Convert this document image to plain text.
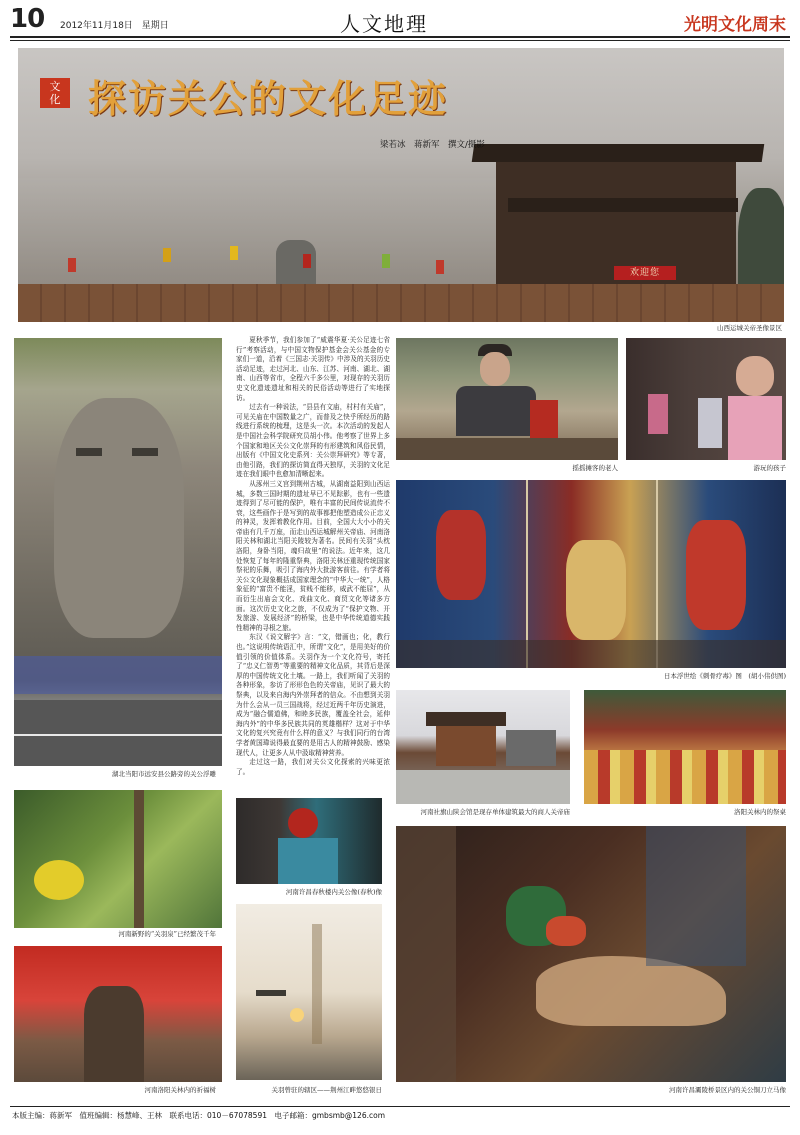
10 2012年11月18日　星期日	人文地理	光明文化周末
欢迎您
文
化 探访关公的文化足迹
梁若冰　蒋新军　撰文/摄影
山西运城关帝圣像景区
湖北当阳市远安县公路旁的关公浮雕
河南新野的“关羽泉”已经繁茂千年
河南洛阳关林内的祈福树

夏秋季节，我们参加了“威震华夏·关公足迹七省行”考察活动，与中国文物保护基金会关公基金的专家们一道，沿着《三国志·关羽传》中涉及的关羽历史活动足迹，走过河北、山东、江苏、河南、湖北、湖南、山西等省市，全程六千多公里，对现存的关羽历史文化遗迹遗址和相关的民俗活动等进行了实地探访。

过去有一种说法，“县县有文庙，村村有关庙”，可见关庙在中国数量之广，而普及之快乎所经历的路线进行系统的梳理，这是头一次。本次活动的发起人是中国社会科学院研究员胡小伟。他考察了世界上多个国家和地区关公文化崇拜的有形建筑和风俗民情，出版有《中国文化史系列：关公崇拜研究》等专著，由他引路，我们的探访简直得天独厚，关羽的文化足迹在我们眼中也愈加清晰起来。

从涿州三义宫到荆州古城，从湖南益阳到山西运城，多数三国时期的遗址早已不见踪影，也有一些遗迹得到了尽可能的保护，唯有丰富的民间传说流传不衰，这些画作于是写到的故事都把他塑造成公正忠义的神灵，发挥着教化作用。目前，全国大大小小的关帝庙有几千万座，而走山西运城解州关帝庙、河南洛阳关林和湖北当阳关陵较为著名。民间有关羽“头枕洛阳，身卧当阳，魂归故里”的说法。近年来，这几处恢复了每年的隆重祭典，洛阳关林还重现传统国家祭祀的乐舞，吸引了海内外大批游客前往。有学者将关公文化现象概括成国家理念的“中华大一统”，人格象征的“富贵不能淫，贫贱不能移，威武不能屈”，从而衍生出庙会文化、戏曲文化、商贸文化等诸多方面。这次历史文化之旅，不仅成为了“保护文物、开发旅游、发展经济”的桥梁，也是中华传统道德实践性精神的寻根之旅。

东汉《说文解字》言：“文，错画也；化，教行也。”这说明传统语汇中，所谓“文化”，是用美好的价值引领的价值体系。关羽作为一个文化符号，寄托了“忠义仁智勇”等重要的精神文化品质，其背后是深厚的中国传统文化土壤。一路上，我们听闻了关羽的各种形象，参访了形形色色的关帝庙，见识了最大的祭典，以及来自海内外崇拜者的信众。不由想到关羽为什么会从一员三国战将，经过近两千年历史演进，成为“融合儒道佛，和睦多民族，覆盖全社会，延伸海内外”的中华多民族共同的英雄楷样？这对于中华文化的复兴究竟有什么样的意义？与我们同行的台湾学者黄国瑋说得最直要的是用古人的精神鼓励、感染现代人，让更多人从中汲取精神营养。

走过这一路，我们对关公文化探索的兴味更浓了。

河南许昌春秋楼内关公像(春秋)像
关羽曾驻的辖区——荆州江畔悠悠银日
摇摇摊客的老人	游玩的孩子
日本浮世绘《刺骨疗毒》图　(胡小伟供图)
河南社旗山陕会馆是现存单体建筑最大的商人关帝庙	洛阳关林内的祭桌
河南许昌灞陵桥景区内的关公铜刀立马像
本版主编：蒋新军　值班编辑：杨慧峰、王林　联系电话：010－67078591　电子邮箱：gmbsmb@126.com
